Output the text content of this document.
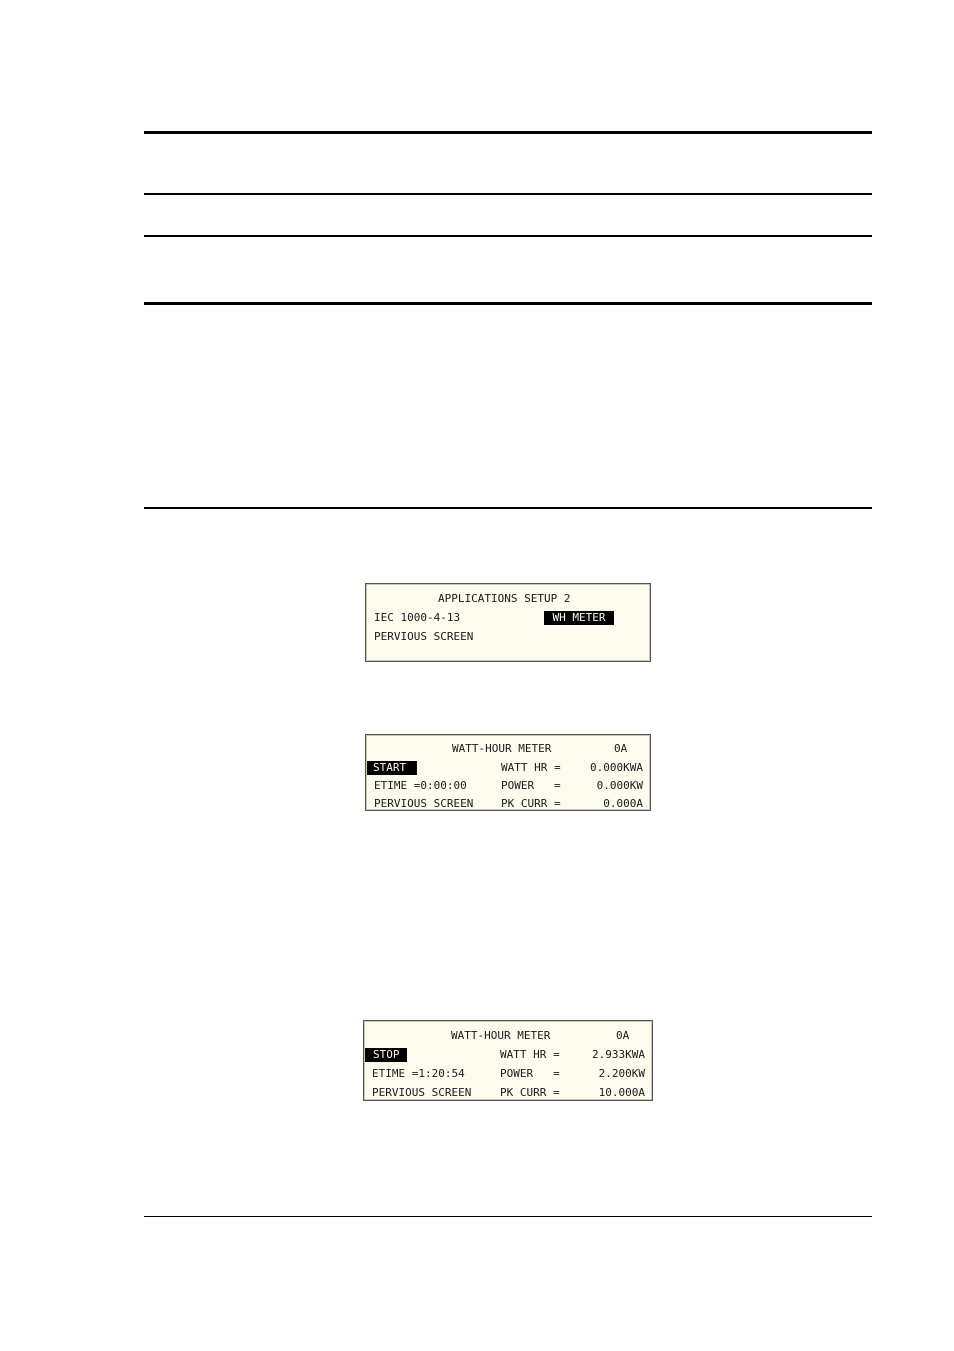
APPLICATIONS SETUP 2
IEC 1000-4-13	WH METER
PERVIOUS SCREEN
WATT-HOUR METER	0A
START	WATT HR =	0.000KWA
ETIME =0:00:00	POWER   =	0.000KW
PERVIOUS SCREEN	PK CURR =	0.000A
WATT-HOUR METER	0A
STOP	WATT HR =	2.933KWA
ETIME =1:20:54	POWER   =	2.200KW
PERVIOUS SCREEN	PK CURR =	10.000A
